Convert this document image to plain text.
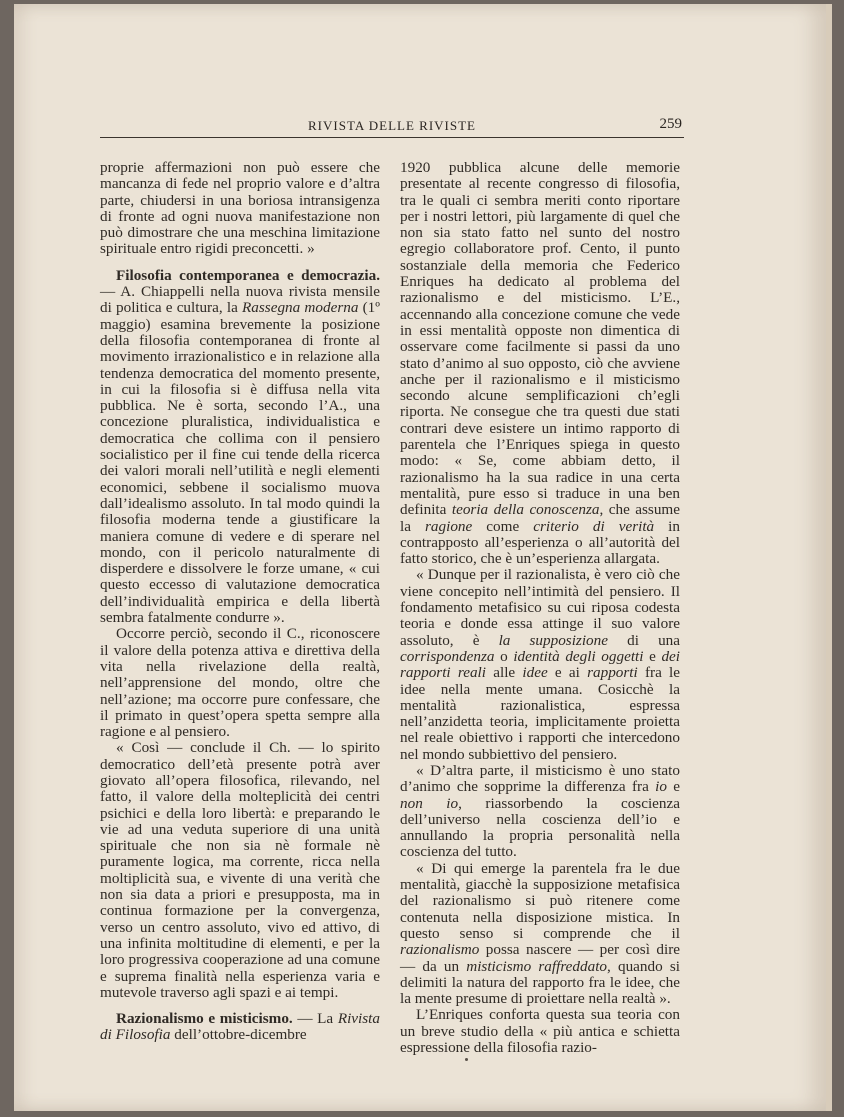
RIVISTA DELLE RIVISTE	259

proprie affermazioni non può essere che mancanza di fede nel proprio valore e d’altra parte, chiudersi in una boriosa intransigenza di fronte ad ogni nuova manifestazione non può dimostrare che una meschina limitazione spirituale entro rigidi preconcetti. »

Filosofia contemporanea e democrazia. — A. Chiappelli nella nuova rivista mensile di politica e cultura, la Rassegna moderna (1º maggio) esamina brevemente la posizione della filosofia contemporanea di fronte al movimento irrazionalistico e in relazione alla tendenza democratica del momento presente, in cui la filosofia si è diffusa nella vita pubblica. Ne è sorta, secondo l’A., una concezione pluralistica, individualistica e democratica che collima con il pensiero socialistico per il fine cui tende della ricerca dei valori morali nell’utilità e negli elementi economici, sebbene il socialismo muova dall’idealismo assoluto. In tal modo quindi la filosofia moderna tende a giustificare la maniera comune di vedere e di sperare nel mondo, con il pericolo naturalmente di disperdere e dissolvere le forze umane, « cui questo eccesso di valutazione democratica dell’individualità empirica e della libertà sembra fatalmente condurre ».

Occorre perciò, secondo il C., riconoscere il valore della potenza attiva e direttiva della vita nella rivelazione della realtà, nell’apprensione del mondo, oltre che nell’azione; ma occorre pure confessare, che il primato in quest’opera spetta sempre alla ragione e al pensiero.

« Così — conclude il Ch. — lo spirito democratico dell’età presente potrà aver giovato all’opera filosofica, rilevando, nel fatto, il valore della molteplicità dei centri psichici e della loro libertà: e preparando le vie ad una veduta superiore di una unità spirituale che non sia nè formale nè puramente logica, ma corrente, ricca nella moltiplicità sua, e vivente di una verità che non sia data a priori e presupposta, ma in continua formazione per la convergenza, verso un centro assoluto, vivo ed attivo, di una infinita moltitudine di elementi, e per la loro progressiva cooperazione ad una comune e suprema finalità nella esperienza varia e mutevole traverso agli spazi e ai tempi.

Razionalismo e misticismo. — La Rivista di Filosofia dell’ottobre-dicembre

1920 pubblica alcune delle memorie presentate al recente congresso di filosofia, tra le quali ci sembra meriti conto riportare per i nostri lettori, più largamente di quel che non sia stato fatto nel sunto del nostro egregio collaboratore prof. Cento, il punto sostanziale della memoria che Federico Enriques ha dedicato al problema del razionalismo e del misticismo. L’E., accennando alla concezione comune che vede in essi mentalità opposte non dimentica di osservare come facilmente si passi da uno stato d’animo al suo opposto, ciò che avviene anche per il razionalismo e il misticismo secondo alcune semplificazioni ch’egli riporta. Ne consegue che tra questi due stati contrari deve esistere un intimo rapporto di parentela che l’Enriques spiega in questo modo: « Se, come abbiam detto, il razionalismo ha la sua radice in una certa mentalità, pure esso si traduce in una ben definita teoria della conoscenza, che assume la ragione come criterio di verità in contrapposto all’esperienza o all’autorità del fatto storico, che è un’esperienza allargata.

« Dunque per il razionalista, è vero ciò che viene concepito nell’intimità del pensiero. Il fondamento metafisico su cui riposa codesta teoria e donde essa attinge il suo valore assoluto, è la supposizione di una corrispondenza o identità degli oggetti e dei rapporti reali alle idee e ai rapporti fra le idee nella mente umana. Cosicchè la mentalità razionalistica, espressa nell’anzidetta teoria, implicitamente proietta nel reale obiettivo i rapporti che intercedono nel mondo subbiettivo del pensiero.

« D’altra parte, il misticismo è uno stato d’animo che sopprime la differenza fra io e non io, riassorbendo la coscienza dell’universo nella coscienza dell’io e annullando la propria personalità nella coscienza del tutto.

« Di qui emerge la parentela fra le due mentalità, giacchè la supposizione metafisica del razionalismo si può ritenere come contenuta nella disposizione mistica. In questo senso si comprende che il razionalismo possa nascere — per così dire — da un misticismo raffreddato, quando si delimiti la natura del rapporto fra le idee, che la mente presume di proiettare nella realtà ».

L’Enriques conforta questa sua teoria con un breve studio della « più antica e schietta espressione della filosofia razio-
